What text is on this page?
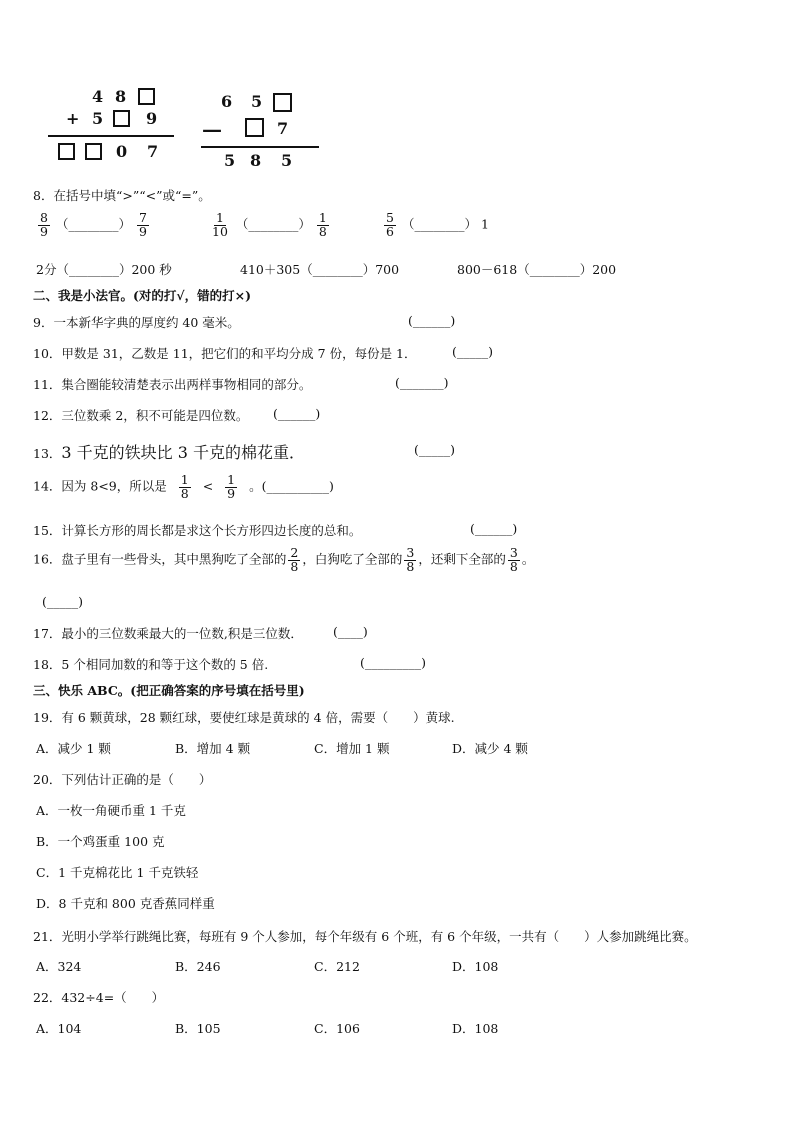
4 8
+ 5	9
0 7
6 5
—	7
5 8 5
8．在括号中填“>”“<”或“=”。
$\frac{8}{9}$ （________） $\frac{7}{9}$	$\frac{1}{10}$ （________） $\frac{1}{8}$	$\frac{5}{6}$ （________） 1
2分（________）200 秒	410＋305（________）700	800－618（________）200
二、我是小法官。(对的打√，错的打×)
9．一本新华字典的厚度约 40 毫米。	(______)
10．甲数是 31，乙数是 11，把它们的和平均分成 7 份，每份是 1．	(_____)
11．集合圈能较清楚表示出两样事物相同的部分。	(_______)
12．三位数乘 2，积不可能是四位数。 (______)
13．3 千克的铁块比 3 千克的棉花重．	(_____)
14．因为 8<9，所以是 $\frac{1}{8} < \frac{1}{9}$ 。(__________)
15．计算长方形的周长都是求这个长方形四边长度的总和。	(______)
16．盘子里有一些骨头，其中黑狗吃了全部的 $\frac{2}{8}$ ，白狗吃了全部的 $\frac{3}{8}$ ，还剩下全部的 $\frac{3}{8}$ 。
(_____)
17．最小的三位数乘最大的一位数,积是三位数． (____)
18．5 个相同加数的和等于这个数的 5 倍.	(_________)
三、快乐 ABC。(把正确答案的序号填在括号里)
19．有 6 颗黄球，28 颗红球，要使红球是黄球的 4 倍，需要（　　）黄球.
A．减少 1 颗	B．增加 4 颗	C．增加 1 颗	D．减少 4 颗
20．下列估计正确的是（　　）
A．一枚一角硬币重 1 千克
B．一个鸡蛋重 100 克
C．1 千克棉花比 1 千克铁轻
D．8 千克和 800 克香蕉同样重
21．光明小学举行跳绳比赛，每班有 9 个人参加，每个年级有 6 个班，有 6 个年级，一共有（　　）人参加跳绳比赛。
A．324	B．246	C．212	D．108
22．432÷4=（　　）
A．104	B．105	C．106	D．108
